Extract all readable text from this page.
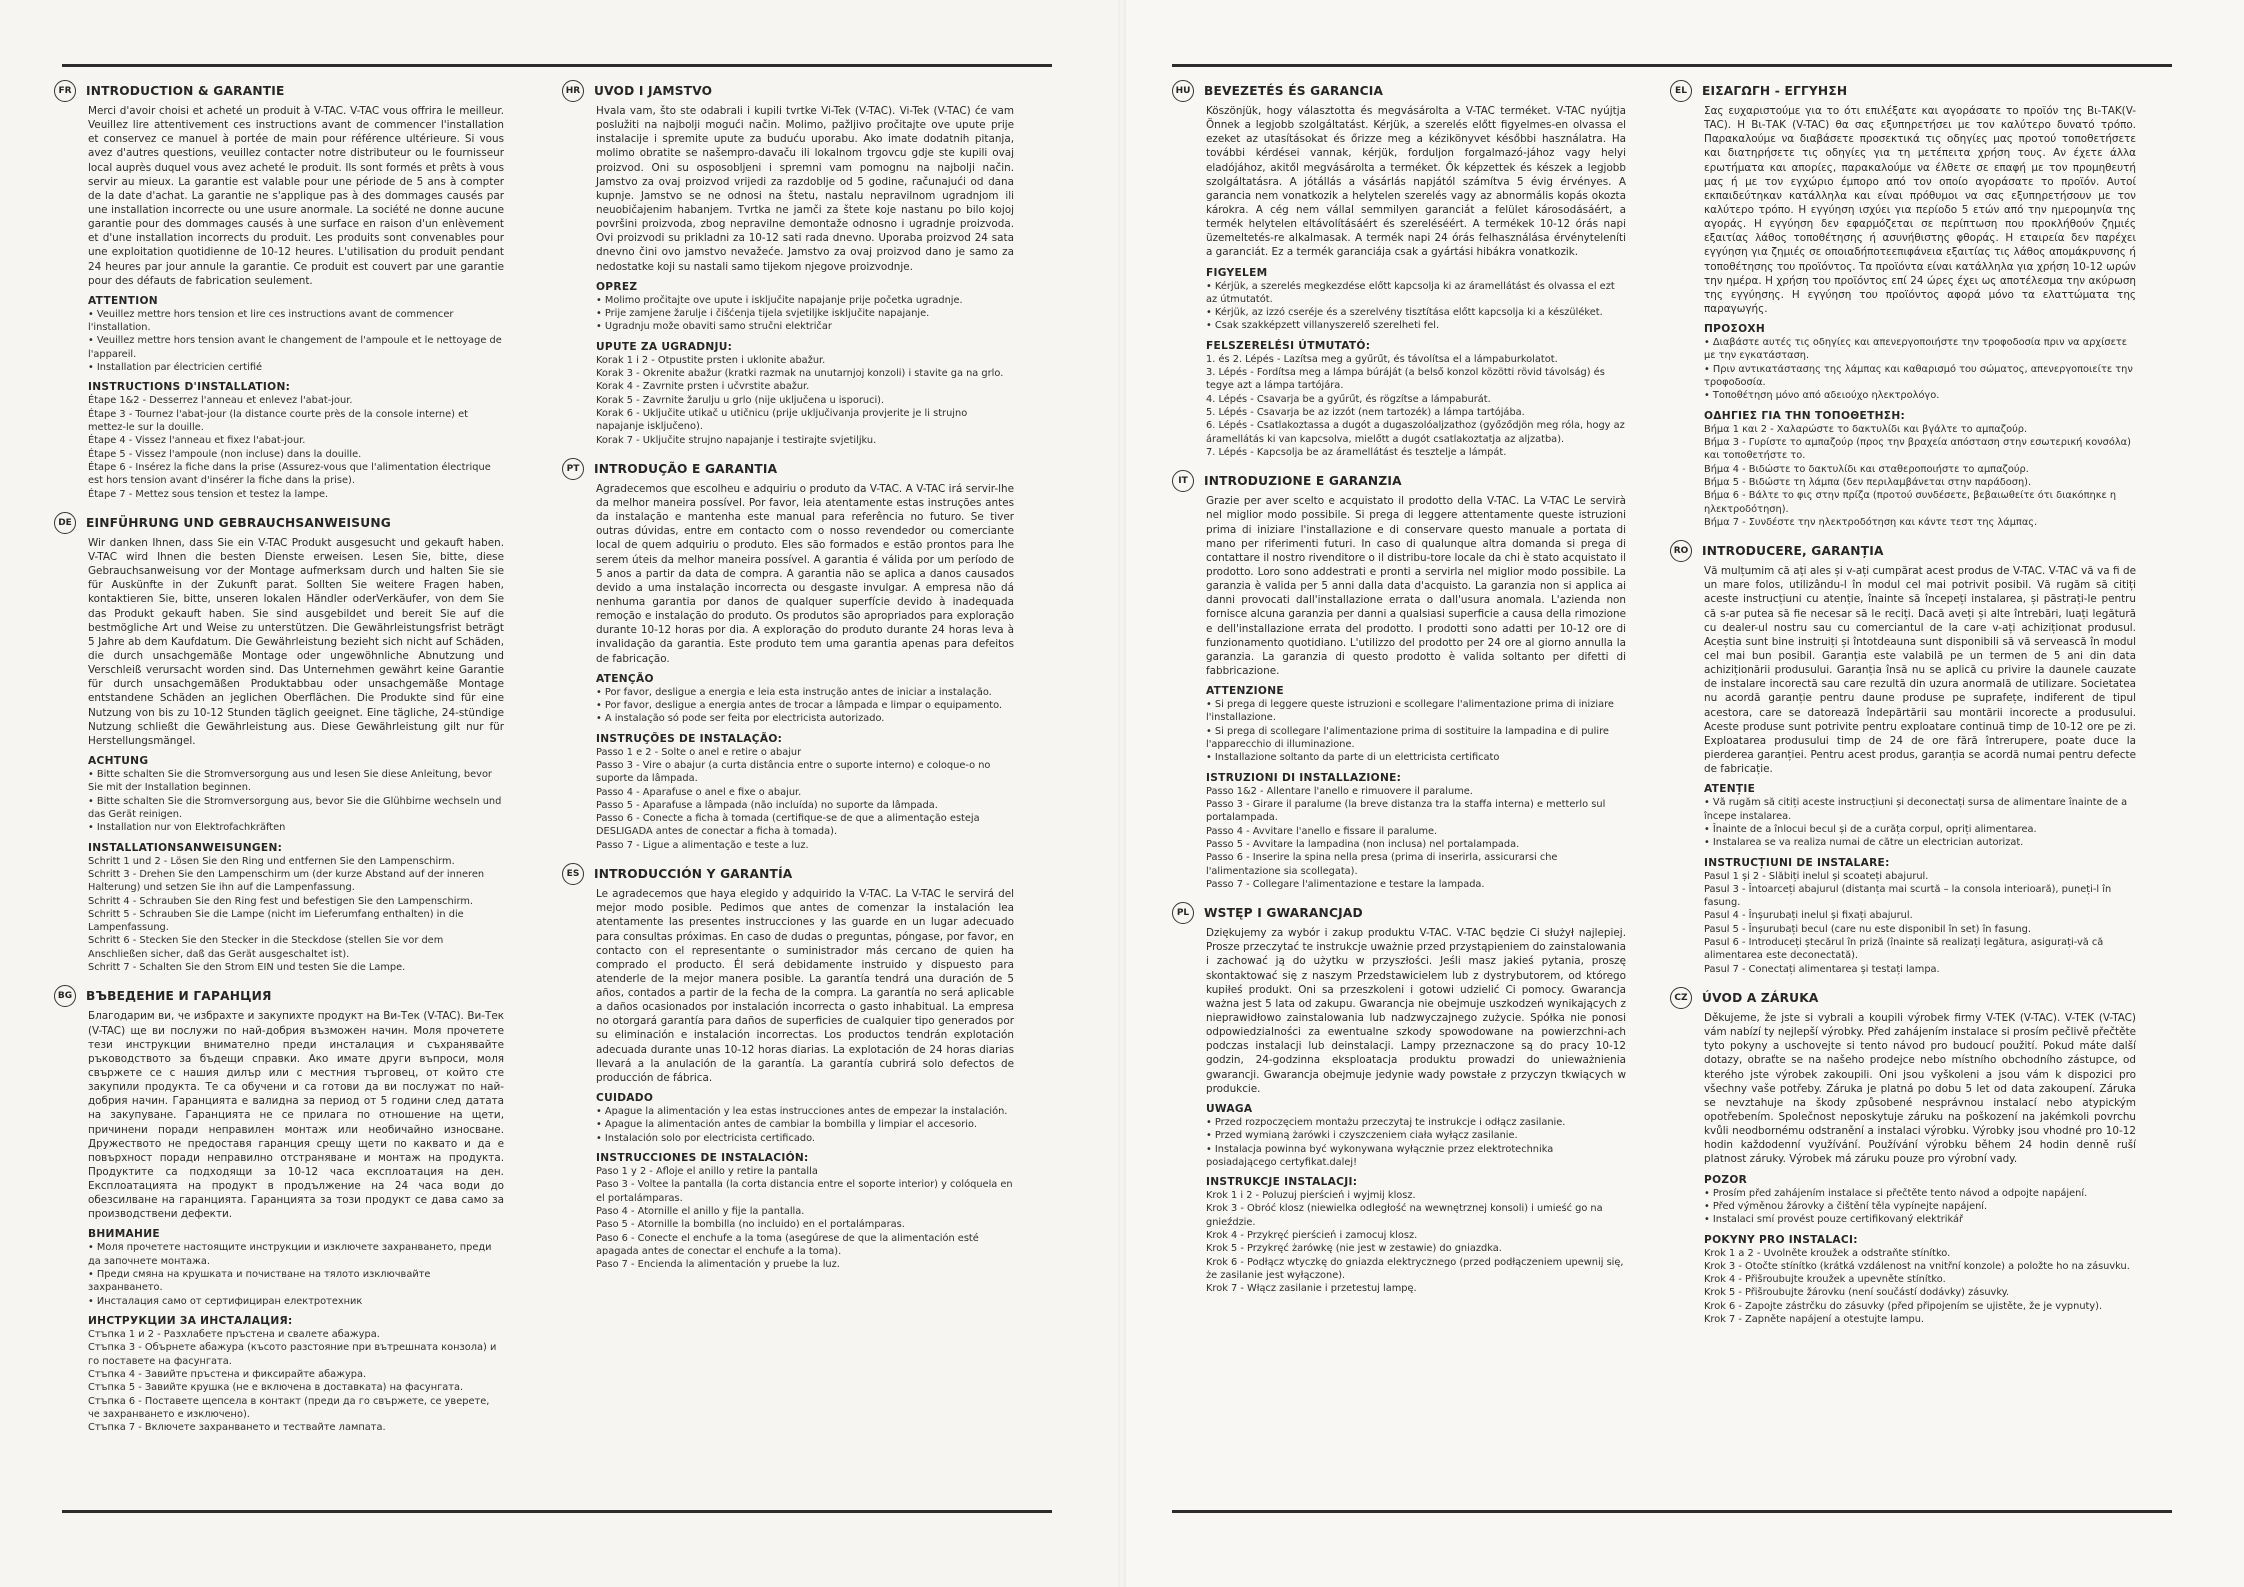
FR	INTRODUCTION & GARANTIE
Merci d'avoir choisi et acheté un produit à V-TAC. V-TAC vous offrira le meilleur. Veuillez lire attentivement ces instructions avant de commencer l'installation et conservez ce manuel à portée de main pour référence ultérieure. Si vous avez d'autres questions, veuillez contacter notre distributeur ou le fournisseur local auprès duquel vous avez acheté le produit. Ils sont formés et prêts à vous servir au mieux. La garantie est valable pour une période de 5 ans à compter de la date d'achat. La garantie ne s'applique pas à des dommages causés par une installation incorrecte ou une usure anormale. La société ne donne aucune garantie pour des dommages causés à une surface en raison d'un enlèvement et d'une installation incorrects du produit. Les produits sont convenables pour une exploitation quotidienne de 10-12 heures. L'utilisation du produit pendant 24 heures par jour annule la garantie. Ce produit est couvert par une garantie pour des défauts de fabrication seulement.
ATTENTION
• Veuillez mettre hors tension et lire ces instructions avant de commencer l'installation.
• Veuillez mettre hors tension avant le changement de l'ampoule et le nettoyage de l'appareil.
• Installation par électricien certifié
INSTRUCTIONS D'INSTALLATION:
Étape 1&2 - Desserrez l'anneau et enlevez l'abat-jour.
Étape 3 - Tournez l'abat-jour (la distance courte près de la console interne) et mettez-le sur la douille.
Étape 4 - Vissez l'anneau et fixez l'abat-jour.
Étape 5 - Vissez l'ampoule (non incluse) dans la douille.
Étape 6 - Insérez la fiche dans la prise (Assurez-vous que l'alimentation électrique est hors tension avant d'insérer la fiche dans la prise).
Étape 7 - Mettez sous tension et testez la lampe.
DE	EINFÜHRUNG UND GEBRAUCHSANWEISUNG
Wir danken Ihnen, dass Sie ein V-TAC Produkt ausgesucht und gekauft haben. V-TAC wird Ihnen die besten Dienste erweisen. Lesen Sie, bitte, diese Gebrauchsanweisung vor der Montage aufmerksam durch und halten Sie sie für Auskünfte in der Zukunft parat. Sollten Sie weitere Fragen haben, kontaktieren Sie, bitte, unseren lokalen Händler oderVerkäufer, von dem Sie das Produkt gekauft haben. Sie sind ausgebildet und bereit Sie auf die bestmögliche Art und Weise zu unterstützen. Die Gewährleistungsfrist beträgt 5 Jahre ab dem Kaufdatum. Die Gewährleistung bezieht sich nicht auf Schäden, die durch unsachgemäße Montage oder ungewöhnliche Abnutzung und Verschleiß verursacht worden sind. Das Unternehmen gewährt keine Garantie für durch unsachgemäßen Produktabbau oder unsachgemäße Montage entstandene Schäden an jeglichen Oberflächen. Die Produkte sind für eine Nutzung von bis zu 10-12 Stunden täglich geeignet. Eine tägliche, 24-stündige Nutzung schließt die Gewährleistung aus. Diese Gewährleistung gilt nur für Herstellungsmängel.
ACHTUNG
• Bitte schalten Sie die Stromversorgung aus und lesen Sie diese Anleitung, bevor Sie mit der Installation beginnen.
• Bitte schalten Sie die Stromversorgung aus, bevor Sie die Glühbirne wechseln und das Gerät reinigen.
• Installation nur von Elektrofachkräften
INSTALLATIONSANWEISUNGEN:
Schritt 1 und 2 - Lösen Sie den Ring und entfernen Sie den Lampenschirm.
Schritt 3 - Drehen Sie den Lampenschirm um (der kurze Abstand auf der inneren Halterung) und setzen Sie ihn auf die Lampenfassung.
Schritt 4 - Schrauben Sie den Ring fest und befestigen Sie den Lampenschirm.
Schritt 5 - Schrauben Sie die Lampe (nicht im Lieferumfang enthalten) in die Lampenfassung.
Schritt 6 - Stecken Sie den Stecker in die Steckdose (stellen Sie vor dem Anschließen sicher, daß das Gerät ausgeschaltet ist).
Schritt 7 - Schalten Sie den Strom EIN und testen Sie die Lampe.
BG	ВЪВЕДЕНИЕ И ГАРАНЦИЯ
Благодарим ви, че избрахте и закупихте продукт на Ви-Тек (V-TAC). Ви-Тек (V-TAC) ще ви послужи по най-добрия възможен начин. Моля прочетете тези инструкции внимателно преди инсталация и съхранявайте ръководството за бъдещи справки. Ако имате други въпроси, моля свържете се с нашия дилър или с местния търговец, от който сте закупили продукта. Те са обучени и са готови да ви послужат по най-добрия начин. Гаранцията е валидна за период от 5 години след датата на закупуване. Гаранцията не се прилага по отношение на щети, причинени поради неправилен монтаж или необичайно износване. Дружеството не предоставя гаранция срещу щети по каквато и да е повърхност поради неправилно отстраняване и монтаж на продукта. Продуктите са подходящи за 10-12 часа експлоатация на ден. Експлоатацията на продукт в продължение на 24 часа води до обезсилване на гаранцията. Гаранцията за този продукт се дава само за производствени дефекти.
ВНИМАНИЕ
• Моля прочетете настоящите инструкции и изключете захранването, преди да започнете монтажа.
• Преди смяна на крушката и почистване на тялото изключвайте захранването.
• Инсталация само от сертифициран електротехник
ИНСТРУКЦИИ ЗА ИНСТАЛАЦИЯ:
Стъпка 1 и 2 - Разхлабете пръстена и свалете абажура.
Стъпка 3 - Обърнете абажура (късото разстояние при вътрешната конзола) и го поставете на фасунгата.
Стъпка 4 - Завийте пръстена и фиксирайте абажура.
Стъпка 5 - Завийте крушка (не е включена в доставката) на фасунгата.
Стъпка 6 - Поставете щепсела в контакт (преди да го свържете, се уверете, че захранването е изключено).
Стъпка 7 - Включете захранването и тествайте лампата.
HR	UVOD I JAMSTVO
Hvala vam, što ste odabrali i kupili tvrtke Vi-Tek (V-TAC). Vi-Tek (V-TAC) će vam poslužiti na najbolji mogući način. Molimo, pažljivo pročitajte ove upute prije instalacije i spremite upute za buduću uporabu. Ako imate dodatnih pitanja, molimo obratite se našempro-davaču ili lokalnom trgovcu gdje ste kupili ovaj proizvod. Oni su osposobljeni i spremni vam pomognu na najbolji način. Jamstvo za ovaj proizvod vrijedi za razdoblje od 5 godine, računajući od dana kupnje. Jamstvo se ne odnosi na štetu, nastalu nepravilnom ugradnjom ili neuobičajenim habanjem. Tvrtka ne jamči za štete koje nastanu po bilo kojoj površini proizvoda, zbog nepravilne demontaže odnosno i ugradnje proizvoda. Ovi proizvodi su prikladni za 10-12 sati rada dnevno. Uporaba proizvod 24 sata dnevno čini ovo jamstvo nevažeće. Jamstvo za ovaj proizvod dano je samo za nedostatke koji su nastali samo tijekom njegove proizvodnje.
OPREZ
• Molimo pročitajte ove upute i isključite napajanje prije početka ugradnje.
• Prije zamjene žarulje i čišćenja tijela svjetiljke isključite napajanje.
• Ugradnju može obaviti samo stručni električar
UPUTE ZA UGRADNJU:
Korak 1 i 2 - Otpustite prsten i uklonite abažur.
Korak 3 - Okrenite abažur (kratki razmak na unutarnjoj konzoli) i stavite ga na grlo.
Korak 4 - Zavrnite prsten i učvrstite abažur.
Korak 5 - Zavrnite žarulju u grlo (nije uključena u isporuci).
Korak 6 - Uključite utikač u utičnicu (prije uključivanja provjerite je li strujno napajanje isključeno).
Korak 7 - Uključite strujno napajanje i testirajte svjetiljku.
PT	INTRODUÇÃO E GARANTIA
Agradecemos que escolheu e adquiriu o produto da V-TAC. A V-TAC irá servir-lhe da melhor maneira possível. Por favor, leia atentamente estas instruções antes da instalação e mantenha este manual para referência no futuro. Se tiver outras dúvidas, entre em contacto com o nosso revendedor ou comerciante local de quem adquiriu o produto. Eles são formados e estão prontos para lhe serem úteis da melhor maneira possível. A garantia é válida por um período de 5 anos a partir da data de compra. A garantia não se aplica a danos causados devido a uma instalação incorrecta ou desgaste invulgar. A empresa não dá nenhuma garantia por danos de qualquer superfície devido à inadequada remoção e instalação do produto. Os produtos são apropriados para exploração durante 10-12 horas por dia. A exploração do produto durante 24 horas leva à invalidação da garantia. Este produto tem uma garantia apenas para defeitos de fabricação.
ATENÇÃO
• Por favor, desligue a energia e leia esta instrução antes de iniciar a instalação.
• Por favor, desligue a energia antes de trocar a lâmpada e limpar o equipamento.
• A instalação só pode ser feita por electricista autorizado.
INSTRUÇÕES DE INSTALAÇÃO:
Passo 1 e 2 - Solte o anel e retire o abajur
Passo 3 - Vire o abajur (a curta distância entre o suporte interno) e coloque-o no suporte da lâmpada.
Passo 4 - Aparafuse o anel e fixe o abajur.
Passo 5 - Aparafuse a lâmpada (não incluída) no suporte da lâmpada.
Passo 6 - Conecte a ficha à tomada (certifique-se de que a alimentação esteja DESLIGADA antes de conectar a ficha à tomada).
Passo 7 - Ligue a alimentação e teste a luz.
ES	INTRODUCCIÓN Y GARANTÍA
Le agradecemos que haya elegido y adquirido la V-TAC. La V-TAC le servirá del mejor modo posible. Pedimos que antes de comenzar la instalación lea atentamente las presentes instrucciones y las guarde en un lugar adecuado para consultas próximas. En caso de dudas o preguntas, póngase, por favor, en contacto con el representante o suministrador más cercano de quien ha comprado el producto. Él será debidamente instruido y dispuesto para atenderle de la mejor manera posible. La garantía tendrá una duración de 5 años, contados a partir de la fecha de la compra. La garantía no será aplicable a daños ocasionados por instalación incorrecta o gasto inhabitual. La empresa no otorgará garantía para daños de superficies de cualquier tipo generados por su eliminación e instalación incorrectas. Los productos tendrán explotación adecuada durante unas 10-12 horas diarias. La explotación de 24 horas diarias llevará a la anulación de la garantía. La garantía cubrirá solo defectos de producción de fábrica.
CUIDADO
• Apague la alimentación y lea estas instrucciones antes de empezar la instalación.
• Apague la alimentación antes de cambiar la bombilla y limpiar el accesorio.
• Instalación solo por electricista certificado.
INSTRUCCIONES DE INSTALACIÓN:
Paso 1 y 2 - Afloje el anillo y retire la pantalla
Paso 3 - Voltee la pantalla (la corta distancia entre el soporte interior) y colóquela en el portalámparas.
Paso 4 - Atornille el anillo y fije la pantalla.
Paso 5 - Atornille la bombilla (no incluido) en el portalámparas.
Paso 6 - Conecte el enchufe a la toma (asegúrese de que la alimentación esté apagada antes de conectar el enchufe a la toma).
Paso 7 - Encienda la alimentación y pruebe la luz.
HU BEVEZETÉS ÉS GARANCIA
Köszönjük, hogy választotta és megvásárolta a V-TAC terméket. V-TAC nyújtja Önnek a legjobb szolgáltatást. Kérjük, a szerelés előtt figyelmes-en olvassa el ezeket az utasításokat és őrizze meg a kézikönyvet későbbi használatra. Ha további kérdései vannak, kérjük, forduljon forgalmazó-jához vagy helyi eladójához, akitől megvásárolta a terméket. Ők képzettek és készek a legjobb szolgáltatásra. A jótállás a vásárlás napjától számítva 5 évig érvényes. A garancia nem vonatkozik a helytelen szerelés vagy az abnormális kopás okozta károkra. A cég nem vállal semmilyen garanciát a felület károsodásáért, a termék helytelen eltávolításáért és szereléséért. A termékek 10-12 órás napi üzemeltetés-re alkalmasak. A termék napi 24 órás felhasználása érvényteleníti a garanciát. Ez a termék garanciája csak a gyártási hibákra vonatkozik.
FIGYELEM
• Kérjük, a szerelés megkezdése előtt kapcsolja ki az áramellátást és olvassa el ezt az útmutatót.
• Kérjük, az izzó cseréje és a szerelvény tisztítása előtt kapcsolja ki a készüléket.
• Csak szakképzett villanyszerelő szerelheti fel.
FELSZERELÉSI ÚTMUTATÓ:
1. és 2. Lépés - Lazítsa meg a gyűrűt, és távolítsa el a lámpaburkolatot.
3. Lépés - Fordítsa meg a lámpa búráját (a belső konzol közötti rövid távolság) és tegye azt a lámpa tartójára.
4. Lépés - Csavarja be a gyűrűt, és rögzítse a lámpaburát.
5. Lépés - Csavarja be az izzót (nem tartozék) a lámpa tartójába.
6. Lépés - Csatlakoztassa a dugót a dugaszolóaljzathoz (győződjön meg róla, hogy az áramellátás ki van kapcsolva, mielőtt a dugót csatlakoztatja az aljzatba).
7. Lépés - Kapcsolja be az áramellátást és tesztelje a lámpát.
IT	INTRODUZIONE E GARANZIA
Grazie per aver scelto e acquistato il prodotto della V-TAC. La V-TAC Le servirà nel miglior modo possibile. Si prega di leggere attentamente queste istruzioni prima di iniziare l'installazione e di conservare questo manuale a portata di mano per riferimenti futuri. In caso di qualunque altra domanda si prega di contattare il nostro rivenditore o il distribu-tore locale da chi è stato acquistato il prodotto. Loro sono addestrati e pronti a servirla nel miglior modo possibile. La garanzia è valida per 5 anni dalla data d'acquisto. La garanzia non si applica ai danni provocati dall'installazione errata o dall'usura anomala. L'azienda non fornisce alcuna garanzia per danni a qualsiasi superficie a causa della rimozione e dell'installazione errata del prodotto. I prodotti sono adatti per 10-12 ore di funzionamento quotidiano. L'utilizzo del prodotto per 24 ore al giorno annulla la garanzia. La garanzia di questo prodotto è valida soltanto per difetti di fabbricazione.
ATTENZIONE
• Si prega di leggere queste istruzioni e scollegare l'alimentazione prima di iniziare l'installazione.
• Si prega di scollegare l'alimentazione prima di sostituire la lampadina e di pulire l'apparecchio di illuminazione.
• Installazione soltanto da parte di un elettricista certificato
ISTRUZIONI DI INSTALLAZIONE:
Passo 1&2 - Allentare l'anello e rimuovere il paralume.
Passo 3 - Girare il paralume (la breve distanza tra la staffa interna) e metterlo sul portalampada.
Passo 4 - Avvitare l'anello e fissare il paralume.
Passo 5 - Avvitare la lampadina (non inclusa) nel portalampada.
Passo 6 - Inserire la spina nella presa (prima di inserirla, assicurarsi che l'alimentazione sia scollegata).
Passo 7 - Collegare l'alimentazione e testare la lampada.
PL	WSTĘP I GWARANCJAD
Dziękujemy za wybór i zakup produktu V-TAC. V-TAC będzie Ci służył najlepiej. Prosze przeczytać te instrukcje uważnie przed przystąpieniem do zainstalowania i zachować ją do użytku w przyszłości. Jeśli masz jakieś pytania, proszę skontaktować się z naszym Przedstawicielem lub z dystrybutorem, od którego kupiłeś produkt. Oni sa przeszkoleni i gotowi udzielić Ci pomocy. Gwarancja ważna jest 5 lata od zakupu. Gwarancja nie obejmuje uszkodzeń wynikających z nieprawidłowo zainstalowania lub nadzwyczajnego zużycie. Spółka nie ponosi odpowiedzialności za ewentualne szkody spowodowane na powierzchni-ach podczas instalacji lub deinstalacji. Lampy przeznaczone są do pracy 10-12 godzin, 24-godzinna eksploatacja produktu prowadzi do unieważnienia gwarancji. Gwarancja obejmuje jedynie wady powstałe z przyczyn tkwiących w produkcie.
UWAGA
• Przed rozpoczęciem montażu przeczytaj te instrukcje i odłącz zasilanie.
• Przed wymianą żarówki i czyszczeniem ciała wyłącz zasilanie.
• Instalacja powinna być wykonywana wyłącznie przez elektrotechnika posiadającego certyfikat.dalej!
INSTRUKCJE INSTALACJI:
Krok 1 i 2 - Poluzuj pierścień i wyjmij klosz.
Krok 3 - Obróć klosz (niewielka odległość na wewnętrznej konsoli) i umieść go na gnieździe.
Krok 4 - Przykręć pierścień i zamocuj klosz.
Krok 5 - Przykręć żarówkę (nie jest w zestawie) do gniazdka.
Krok 6 - Podłącz wtyczkę do gniazda elektrycznego (przed podłączeniem upewnij się, że zasilanie jest wyłączone).
Krok 7 - Włącz zasilanie i przetestuj lampę.
EL	ΕΙΣΑΓΩΓΗ - ΕΓΓΥΗΣΗ
Σας ευχαριστούμε για το ότι επιλέξατε και αγοράσατε το προϊόν της Βι-ΤΑΚ(V-TAC). Η Βι-ΤΑΚ (V-TAC) θα σας εξυπηρετήσει με τον καλύτερο δυνατό τρόπο. Παρακαλούμε να διαβάσετε προσεκτικά τις οδηγίες μας προτού τοποθετήσετε και διατηρήσετε τις οδηγίες για τη μετέπειτα χρήση τους. Αν έχετε άλλα ερωτήματα και απορίες, παρακαλούμε να έλθετε σε επαφή με τον προμηθευτή μας ή με τον εγχώριο έμπορο από τον οποίο αγοράσατε το προϊόν. Αυτοί εκπαιδεύτηκαν κατάλληλα και είναι πρόθυμοι να σας εξυπηρετήσουν με τον καλύτερο τρόπο. Η εγγύηση ισχύει για περίοδο 5 ετών από την ημερομηνία της αγοράς. Η εγγύηση δεν εφαρμόζεται σε περίπτωση που προκλήθούν ζημιές εξαιτίας λάθος τοποθέτησης ή ασυνήθιστης φθοράς. Η εταιρεία δεν παρέχει εγγύηση για ζημιές σε οποιαδήποτεεπιφάνεια εξαιτίας τις λάθος απομάκρυνσης ή τοποθέτησης του προϊόντος. Τα προϊόντα είναι κατάλληλα για χρήση 10-12 ωρών την ημέρα. Η χρήση του προϊόντος επί 24 ώρες έχει ως αποτέλεσμα την ακύρωση της εγγύησης. Η εγγύηση του προϊόντος αφορά μόνο τα ελαττώματα της παραγωγής.
ΠΡΟΣΟΧΗ
• Διαβάστε αυτές τις οδηγίες και απενεργοποιήστε την τροφοδοσία πριν να αρχίσετε με την εγκατάσταση.
• Πριν αντικατάστασης της λάμπας και καθαρισμό του σώματος, απενεργοποιείτε την τροφοδοσία.
• Τοποθέτηση μόνο από αδειούχο ηλεκτρολόγο.
ΟΔΗΓΙΕΣ ΓΙΑ ΤΗΝ ΤΟΠΟΘΕΤΗΣΗ:
Βήμα 1 και 2 - Χαλαρώστε το δακτυλίδι και βγάλτε το αμπαζούρ.
Βήμα 3 - Γυρίστε το αμπαζούρ (προς την βραχεία απόσταση στην εσωτερική κονσόλα) και τοποθετήστε το.
Βήμα 4 - Βιδώστε το δακτυλίδι και σταθεροποιήστε το αμπαζούρ.
Βήμα 5 - Βιδώστε τη λάμπα (δεν περιλαμβάνεται στην παράδοση).
Βήμα 6 - Βάλτε το φις στην πρίζα (προτού συνδέσετε, βεβαιωθείτε ότι διακόπηκε η ηλεκτροδότηση).
Βήμα 7 - Συνδέστε την ηλεκτροδότηση και κάντε τεστ της λάμπας.
RO	INTRODUCERE, GARANȚIA
Vă mulțumim că ați ales și v-ați cumpărat acest produs de V-TAC. V-TAC vă va fi de un mare folos, utilizându-l în modul cel mai potrivit posibil. Vă rugăm să citiți aceste instrucțiuni cu atenție, înainte să începeți instalarea, și păstrați-le pentru că s-ar putea să fie necesar să le reciți. Dacă aveți și alte întrebări, luați legătură cu dealer-ul nostru sau cu comerciantul de la care v-ați achiziționat produsul. Aceștia sunt bine instruiți și întotdeauna sunt disponibili să vă servească în modul cel mai bun posibil. Garanția este valabilă pe un termen de 5 ani din data achiziționării produsului. Garanția însă nu se aplică cu privire la daunele cauzate de instalare incorectă sau care rezultă din uzura anormală de utilizare. Societatea nu acordă garanție pentru daune produse pe suprafețe, indiferent de tipul acestora, care se datorează îndepărtării sau montării incorecte a produsului. Aceste produse sunt potrivite pentru exploatare continuă timp de 10-12 ore pe zi. Exploatarea produsului timp de 24 de ore fără întrerupere, poate duce la pierderea garanției. Pentru acest produs, garanția se acordă numai pentru defecte de fabricație.
ATENȚIE
• Vă rugăm să citiți aceste instrucțiuni și deconectați sursa de alimentare înainte de a începe instalarea.
• Înainte de a înlocui becul și de a curăța corpul, opriți alimentarea.
• Instalarea se va realiza numai de către un electrician autorizat.
INSTRUCȚIUNI DE INSTALARE:
Pasul 1 și 2 - Slăbiți inelul și scoateți abajurul.
Pasul 3 - Întoarceți abajurul (distanța mai scurtă – la consola interioară), puneți-l în fasung.
Pasul 4 - Înșurubați inelul și fixați abajurul.
Pasul 5 - Înșurubați becul (care nu este disponibil în set) în fasung.
Pasul 6 - Introduceți ștecărul în priză (înainte să realizați legătura, asigurați-vă că alimentarea este deconectată).
Pasul 7 - Conectați alimentarea și testați lampa.
CZ	ÚVOD A ZÁRUKA
Děkujeme, že jste si vybrali a koupili výrobek firmy V-TEK (V-TAC). V-TEK (V-TAC) vám nabízí ty nejlepší výrobky. Před zahájením instalace si prosím pečlivě přečtěte tyto pokyny a uschovejte si tento návod pro budoucí použití. Pokud máte další dotazy, obraťte se na našeho prodejce nebo místního obchodního zástupce, od kterého jste výrobek zakoupili. Oni jsou vyškoleni a jsou vám k dispozici pro všechny vaše potřeby. Záruka je platná po dobu 5 let od data zakoupení. Záruka se nevztahuje na škody způsobené nesprávnou instalací nebo atypickým opotřebením. Společnost neposkytuje záruku na poškození na jakémkoli povrchu kvůli neodbornému odstranění a instalaci výrobku. Výrobky jsou vhodné pro 10-12 hodin každodenní využívání. Používání výrobku během 24 hodin denně ruší platnost záruky. Výrobek má záruku pouze pro výrobní vady.
POZOR
• Prosím před zahájením instalace si přečtěte tento návod a odpojte napájení.
• Před výměnou žárovky a čištění těla vypínejte napájení.
• Instalaci smí provést pouze certifikovaný elektrikář
POKYNY PRO INSTALACI:
Krok 1 a 2 - Uvolněte kroužek a odstraňte stínítko.
Krok 3 - Otočte stínítko (krátká vzdálenost na vnitřní konzole) a položte ho na zásuvku.
Krok 4 - Přišroubujte kroužek a upevněte stínítko.
Krok 5 - Přišroubujte žárovku (není součástí dodávky) zásuvky.
Krok 6 - Zapojte zástrčku do zásuvky (před připojením se ujistěte, že je vypnuty).
Krok 7 - Zapněte napájení a otestujte lampu.
